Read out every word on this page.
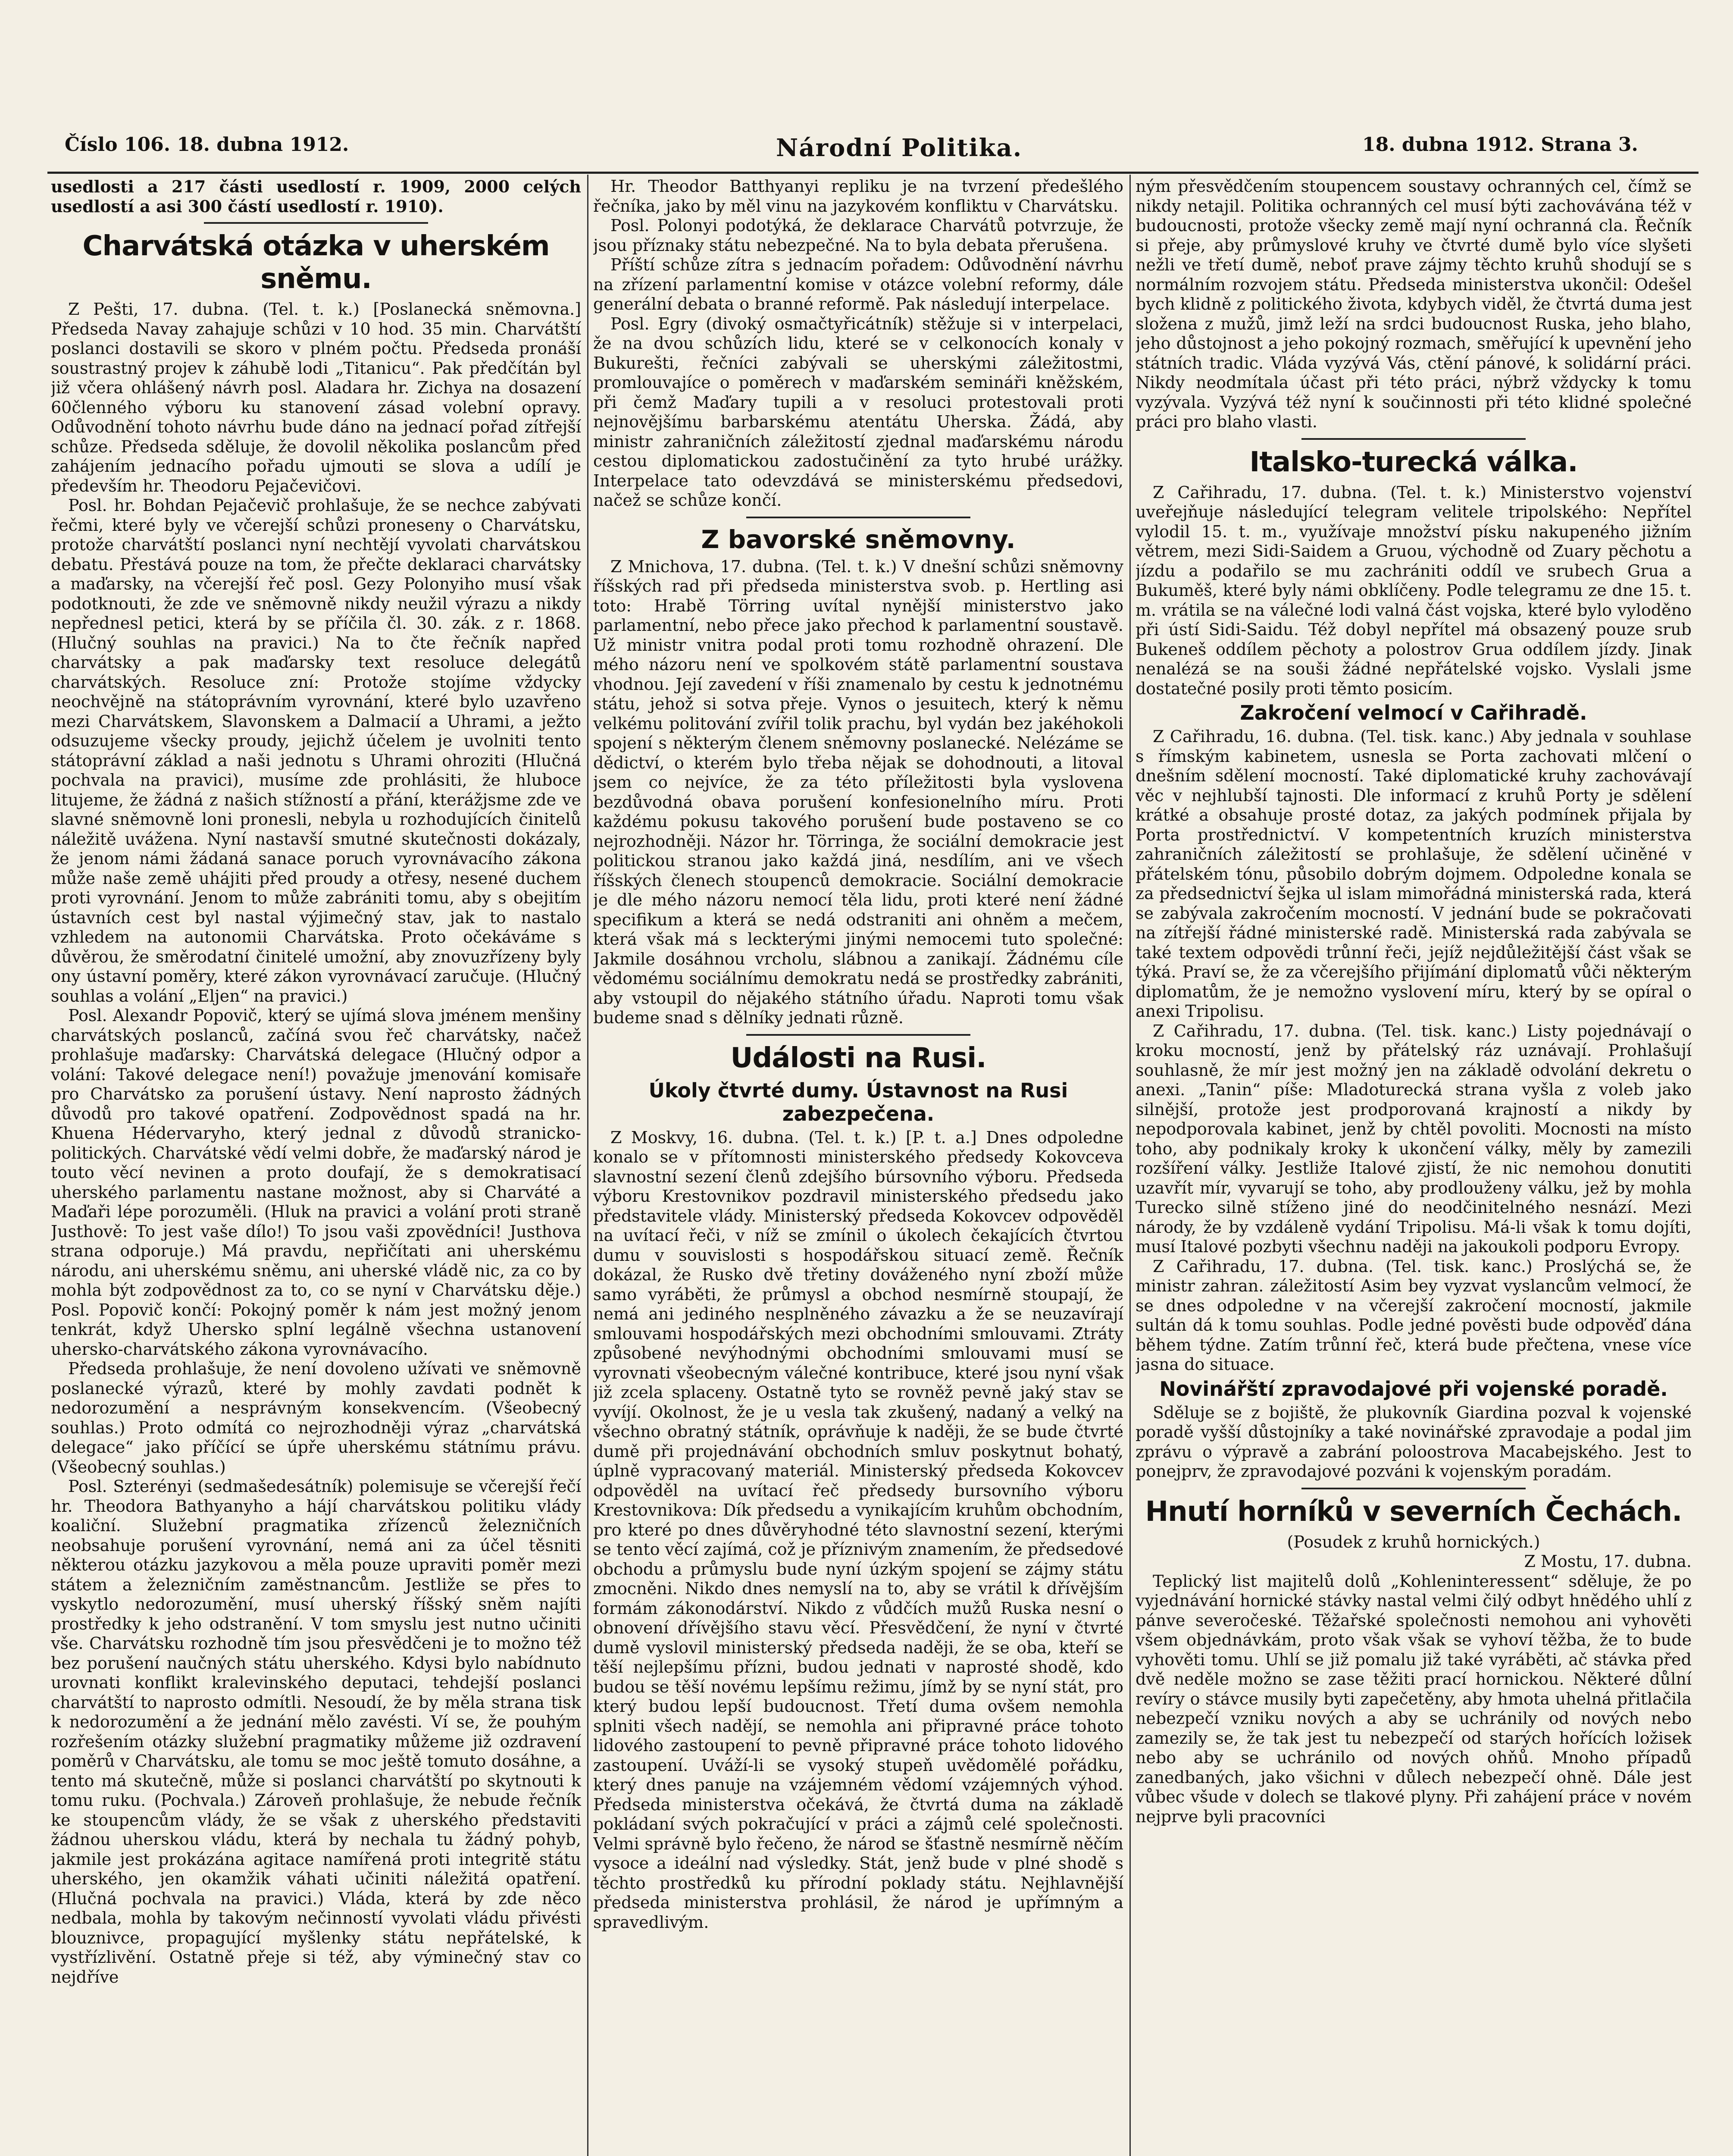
Číslo 106. 18. dubna 1912.	Národní Politika.	18. dubna 1912. Strana 3.

usedlosti a 217 části usedlostí r. 1909, 2000 celých usedlostí a asi 300 částí usedlostí r. 1910).

Charvátská otázka v uherském sněmu.

Z Pešti, 17. dubna. (Tel. t. k.) [Poslanecká sněmovna.] Předseda Navay zahajuje schůzi v 10 hod. 35 min. Charvátští poslanci dostavili se skoro v plném počtu. Předseda pronáší soustrastný projev k záhubě lodi „Titanicu“. Pak předčítán byl již včera ohlášený návrh posl. Aladara hr. Zichya na dosazení 60členného výboru ku stanovení zásad volební opravy. Odůvodnění tohoto návrhu bude dáno na jednací pořad zítřejší schůze. Předseda sděluje, že dovolil několika poslancům před zahájením jednacího pořadu ujmouti se slova a udílí je především hr. Theodoru Pejačevičovi.

Posl. hr. Bohdan Pejačevič prohlašuje, že se nechce zabývati řečmi, které byly ve včerejší schůzi proneseny o Charvátsku, protože charvátští poslanci nyní nechtějí vyvolati charvátskou debatu. Přestává pouze na tom, že přečte deklaraci charvátsky a maďarsky, na včerejší řeč posl. Gezy Polonyiho musí však podotknouti, že zde ve sněmovně nikdy neužil výrazu a nikdy nepřednesl petici, která by se příčila čl. 30. zák. z r. 1868. (Hlučný souhlas na pravici.) Na to čte řečník napřed charvátsky a pak maďarsky text resoluce delegátů charvátských. Resoluce zní: Protože stojíme vždycky neochvějně na státoprávním vyrovnání, které bylo uzavřeno mezi Charvátskem, Slavonskem a Dalmacií a Uhrami, a ježto odsuzujeme všecky proudy, jejichž účelem je uvolniti tento státoprávní základ a naši jednotu s Uhrami ohroziti (Hlučná pochvala na pravici), musíme zde prohlásiti, že hluboce litujeme, že žádná z našich stížností a přání, kterážjsme zde ve slavné sněmovně loni pronesli, nebyla u rozhodujících činitelů náležitě uvážena. Nyní nastavší smutné skutečnosti dokázaly, že jenom námi žádaná sanace poruch vyrovnávacího zákona může naše země uhájiti před proudy a otřesy, nesené duchem proti vyrovnání. Jenom to může zabrániti tomu, aby s obejitím ústavních cest byl nastal výjimečný stav, jak to nastalo vzhledem na autonomii Charvátska. Proto očekáváme s důvěrou, že směrodatní činitelé umožní, aby znovuzřízeny byly ony ústavní poměry, které zákon vyrovnávací zaručuje. (Hlučný souhlas a volání „Eljen“ na pravici.)

Posl. Alexandr Popovič, který se ujímá slova jménem menšiny charvátských poslanců, začíná svou řeč charvátsky, načež prohlašuje maďarsky: Charvátská delegace (Hlučný odpor a volání: Takové delegace není!) považuje jmenování komisaře pro Charvátsko za porušení ústavy. Není naprosto žádných důvodů pro takové opatření. Zodpovědnost spadá na hr. Khuena Hédervaryho, který jednal z důvodů stranicko-politických. Charvátské vědí velmi dobře, že maďarský národ je touto věcí nevinen a proto doufají, že s demokratisací uherského parlamentu nastane možnost, aby si Charváté a Maďaři lépe porozuměli. (Hluk na pravici a volání proti straně Justhově: To jest vaše dílo!) To jsou vaši zpovědníci! Justhova strana odporuje.) Má pravdu, nepřičítati ani uherskému národu, ani uherskému sněmu, ani uherské vládě nic, za co by mohla být zodpovědnost za to, co se nyní v Charvátsku děje.) Posl. Popovič končí: Pokojný poměr k nám jest možný jenom tenkrát, když Uhersko splní legálně všechna ustanovení uhersko-charvátského zákona vyrovnávacího.

Předseda prohlašuje, že není dovoleno užívati ve sněmovně poslanecké výrazů, které by mohly zavdati podnět k nedorozumění a nesprávným konsekvencím. (Všeobecný souhlas.) Proto odmítá co nejrozhodněji výraz „charvátská delegace“ jako příčící se úpře uherskému státnímu právu. (Všeobecný souhlas.)

Posl. Szterényi (sedmašedesátník) polemisuje se včerejší řečí hr. Theodora Bathyanyho a hájí charvátskou politiku vlády koaliční. Služební pragmatika zřízenců železničních neobsahuje porušení vyrovnání, nemá ani za účel těsniti některou otázku jazykovou a měla pouze upraviti poměr mezi státem a železničním zaměstnancům. Jestliže se přes to vyskytlo nedorozumění, musí uherský říšský sněm najíti prostředky k jeho odstranění. V tom smyslu jest nutno učiniti vše. Charvátsku rozhodně tím jsou přesvědčeni je to možno též bez porušení naučných státu uherského. Kdysi bylo nabídnuto urovnati konflikt kralevinského deputaci, tehdejší poslanci charvátští to naprosto odmítli. Nesoudí, že by měla strana tisk k nedorozumění a že jednání mělo zavésti. Ví se, že pouhým rozřešením otázky služební pragmatiky můžeme již ozdravení poměrů v Charvátsku, ale tomu se moc ještě tomuto dosáhne, a tento má skutečně, může si poslanci charvátští po skytnouti k tomu ruku. (Pochvala.) Zároveň prohlašuje, že nebude řečník ke stoupencům vlády, že se však z uherského představiti žádnou uherskou vládu, která by nechala tu žádný pohyb, jakmile jest prokázána agitace namířená proti integritě státu uherského, jen okamžik váhati učiniti náležitá opatření. (Hlučná pochvala na pravici.) Vláda, která by zde něco nedbala, mohla by takovým nečinností vyvolati vládu přivésti blouznivce, propagující myšlenky státu nepřátelské, k vystřízlivění. Ostatně přeje si též, aby výminečný stav co nejdříve

Hr. Theodor Batthyanyi repliku je na tvrzení předešlého řečníka, jako by měl vinu na jazykovém konfliktu v Charvátsku.

Posl. Polonyi podotýká, že deklarace Charvátů potvrzuje, že jsou příznaky státu nebezpečné. Na to byla debata přerušena.

Příští schůze zítra s jednacím pořadem: Odůvodnění návrhu na zřízení parlamentní komise v otázce volební reformy, dále generální debata o branné reformě. Pak následují interpelace.

Posl. Egry (divoký osmačtyřicátník) stěžuje si v interpelaci, že na dvou schůzích lidu, které se v celkonocích konaly v Bukurešti, řečníci zabývali se uherskými záležitostmi, promlouvajíce o poměrech v maďarském semináři kněžském, při čemž Maďary tupili a v resoluci protestovali proti nejnovějšímu barbarskému atentátu Uherska. Žádá, aby ministr zahraničních záležitostí zjednal maďarskému národu cestou diplomatickou zadostučinění za tyto hrubé urážky. Interpelace tato odevzdává se ministerskému předsedovi, načež se schůze končí.

Z bavorské sněmovny.

Z Mnichova, 17. dubna. (Tel. t. k.) V dnešní schůzi sněmovny říšských rad při předseda ministerstva svob. p. Hertling asi toto: Hrabě Törring uvítal nynější ministerstvo jako parlamentní, nebo přece jako přechod k parlamentní soustavě. Už ministr vnitra podal proti tomu rozhodně ohrazení. Dle mého názoru není ve spolkovém státě parlamentní soustava vhodnou. Její zavedení v říši znamenalo by cestu k jednotnému státu, jehož si sotva přeje. Vynos o jesuitech, který k němu velkému politování zvířil tolik prachu, byl vydán bez jakéhokoli spojení s některým členem sněmovny poslanecké. Nelézáme se dědictví, o kterém bylo třeba nějak se dohodnouti, a litoval jsem co nejvíce, že za této příležitosti byla vyslovena bezdůvodná obava porušení konfesionelního míru. Proti každému pokusu takového porušení bude postaveno se co nejrozhodněji. Názor hr. Törringa, že sociální demokracie jest politickou stranou jako každá jiná, nesdílím, ani ve všech říšských členech stoupenců demokracie. Sociální demokracie je dle mého názoru nemocí těla lidu, proti které není žádné specifikum a která se nedá odstraniti ani ohněm a mečem, která však má s leckterými jinými nemocemi tuto společné: Jakmile dosáhnou vrcholu, slábnou a zanikají. Žádnému cíle vědomému sociálnímu demokratu nedá se prostředky zabrániti, aby vstoupil do nějakého státního úřadu. Naproti tomu však budeme snad s dělníky jednati různě.

Události na Rusi.
Úkoly čtvrté dumy. Ústavnost na Rusi zabezpečena.

Z Moskvy, 16. dubna. (Tel. t. k.) [P. t. a.] Dnes odpoledne konalo se v přítomnosti ministerského předsedy Kokovceva slavnostní sezení členů zdejšího búrsovního výboru. Předseda výboru Krestovnikov pozdravil ministerského předsedu jako představitele vlády. Ministerský předseda Kokovcev odpověděl na uvítací řeči, v níž se zmínil o úkolech čekajících čtvrtou dumu v souvislosti s hospodářskou situací země. Řečník dokázal, že Rusko dvě třetiny dováženého nyní zboží může samo vyráběti, že průmysl a obchod nesmírně stoupají, že nemá ani jediného nesplněného závazku a že se neuzavírají smlouvami hospodářských mezi obchodními smlouvami. Ztráty způsobené nevýhodnými obchodními smlouvami musí se vyrovnati všeobecným válečné kontribuce, které jsou nyní však již zcela splaceny. Ostatně tyto se rovněž pevně jaký stav se vyvíjí. Okolnost, že je u vesla tak zkušený, nadaný a velký na všechno obratný státník, oprávňuje k naději, že se bude čtvrté dumě při projednávání obchodních smluv poskytnut bohatý, úplně vypracovaný materiál. Ministerský předseda Kokovcev odpověděl na uvítací řeč předsedy bursovního výboru Krestovnikova: Dík předsedu a vynikajícím kruhům obchodním, pro které po dnes důvěryhodné této slavnostní sezení, kterými se tento věcí zajímá, což je příznivým znamením, že předsedové obchodu a průmyslu bude nyní úzkým spojení se zájmy státu zmocněni. Nikdo dnes nemyslí na to, aby se vrátil k dřívějším formám zákonodárství. Nikdo z vůdčích mužů Ruska nesní o obnovení dřívějšího stavu věcí. Přesvědčení, že nyní v čtvrté dumě vyslovil ministerský předseda naději, že se oba, kteří se těší nejlepšímu přízni, budou jednati v naprosté shodě, kdo budou se těší novému lepšímu režimu, jímž by se nyní stát, pro který budou lepší budoucnost. Třetí duma ovšem nemohla splniti všech nadějí, se nemohla ani připravné práce tohoto lidového zastoupení to pevně připravné práce tohoto lidového zastoupení. Uváží-li se vysoký stupeň uvědomělé pořádku, který dnes panuje na vzájemném vědomí vzájemných výhod. Předseda ministerstva očekává, že čtvrtá duma na základě pokládaní svých pokračující v práci a zájmů celé společnosti. Velmi správně bylo řečeno, že národ se šťastně nesmírně něčím vysoce a ideální nad výsledky. Stát, jenž bude v plné shodě s těchto prostředků ku přírodní poklady státu. Nejhlavnější předseda ministerstva prohlásil, že národ je upřímným a spravedlivým.

ným přesvědčením stoupencem soustavy ochranných cel, čímž se nikdy netajil. Politika ochranných cel musí býti zachovávána též v budoucnosti, protože všecky země mají nyní ochranná cla. Řečník si přeje, aby průmyslové kruhy ve čtvrté dumě bylo více slyšeti nežli ve třetí dumě, neboť prave zájmy těchto kruhů shodují se s normálním rozvojem státu. Předseda ministerstva ukončil: Odešel bych klidně z politického života, kdybych viděl, že čtvrtá duma jest složena z mužů, jimž leží na srdci budoucnost Ruska, jeho blaho, jeho důstojnost a jeho pokojný rozmach, směřující k upevnění jeho státních tradic. Vláda vyzývá Vás, ctění pánové, k solidární práci. Nikdy neodmítala účast při této práci, nýbrž vždycky k tomu vyzývala. Vyzývá též nyní k součinnosti při této klidné společné práci pro blaho vlasti.

Italsko-turecká válka.

Z Cařihradu, 17. dubna. (Tel. t. k.) Ministerstvo vojenství uveřejňuje následující telegram velitele tripolského: Nepřítel vylodil 15. t. m., využívaje množství písku nakupeného jižním větrem, mezi Sidi-Saidem a Gruou, východně od Zuary pěchotu a jízdu a podařilo se mu zachrániti oddíl ve srubech Grua a Bukuměš, které byly námi obklíčeny. Podle telegramu ze dne 15. t. m. vrátila se na válečné lodi valná část vojska, které bylo vyloděno při ústí Sidi-Saidu. Též dobyl nepřítel má obsazený pouze srub Bukeneš oddílem pěchoty a polostrov Grua oddílem jízdy. Jinak nenalézá se na souši žádné nepřátelské vojsko. Vyslali jsme dostatečné posily proti těmto posicím.

Zakročení velmocí v Cařihradě.

Z Cařihradu, 16. dubna. (Tel. tisk. kanc.) Aby jednala v souhlase s římským kabinetem, usnesla se Porta zachovati mlčení o dnešním sdělení mocností. Také diplomatické kruhy zachovávají věc v nejhlubší tajnosti. Dle informací z kruhů Porty je sdělení krátké a obsahuje prosté dotaz, za jakých podmínek přijala by Porta prostřednictví. V kompetentních kruzích ministerstva zahraničních záležitostí se prohlašuje, že sdělení učiněné v přátelském tónu, působilo dobrým dojmem. Odpoledne konala se za předsednictví šejka ul islam mimořádná ministerská rada, která se zabývala zakročením mocností. V jednání bude se pokračovati na zítřejší řádné ministerské radě. Ministerská rada zabývala se také textem odpovědi trůnní řeči, jejíž nejdůležitější část však se týká. Praví se, že za včerejšího přijímání diplomatů vůči některým diplomatům, že je nemožno vyslovení míru, který by se opíral o anexi Tripolisu.

Z Cařihradu, 17. dubna. (Tel. tisk. kanc.) Listy pojednávají o kroku mocností, jenž by přátelský ráz uznávají. Prohlašují souhlasně, že mír jest možný jen na základě odvolání dekretu o anexi. „Tanin“ píše: Mladoturecká strana vyšla z voleb jako silnější, protože jest prodporovaná krajností a nikdy by nepodporovala kabinet, jenž by chtěl povoliti. Mocnosti na místo toho, aby podnikaly kroky k ukončení války, měly by zamezili rozšíření války. Jestliže Italové zjistí, že nic nemohou donutiti uzavřít mír, vyvarují se toho, aby prodlouženy válku, jež by mohla Turecko silně stíženo jiné do neodčinitelného nesnází. Mezi národy, že by vzdáleně vydání Tripolisu. Má-li však k tomu dojíti, musí Italové pozbyti všechnu naději na jakoukoli podporu Evropy.

Z Cařihradu, 17. dubna. (Tel. tisk. kanc.) Proslýchá se, že ministr zahran. záležitostí Asim bey vyzvat vyslancům velmocí, že se dnes odpoledne v na včerejší zakročení mocností, jakmile sultán dá k tomu souhlas. Podle jedné pověsti bude odpověď dána během týdne. Zatím trůnní řeč, která bude přečtena, vnese více jasna do situace.

Novinářští zpravodajové při vojenské poradě.

Sděluje se z bojiště, že plukovník Giardina pozval k vojenské poradě vyšší důstojníky a také novinářské zpravodaje a podal jim zprávu o výpravě a zabrání poloostrova Macabejského. Jest to ponejprv, že zpravodajové pozváni k vojenským poradám.

Hnutí horníků v severních Čechách.

(Posudek z kruhů hornických.)

Z Mostu, 17. dubna.

Teplický list majitelů dolů „Kohleninteressent“ sděluje, že po vyjednávání hornické stávky nastal velmi čilý odbyt hnědého uhlí z pánve severočeské. Těžařské společnosti nemohou ani vyhověti všem objednávkám, proto však však se vyhoví těžba, že to bude vyhověti tomu. Uhlí se již pomalu již také vyráběti, ač stávka před dvě neděle možno se zase těžiti prací hornickou. Některé důlní revíry o stávce musily byti zapečetěny, aby hmota uhelná přitlačila nebezpečí vzniku nových a aby se uchránily od nových nebo zamezily se, že tak jest tu nebezpečí od starých hořících ložisek nebo aby se uchránilo od nových ohňů. Mnoho případů zanedbaných, jako všichni v důlech nebezpečí ohně. Dále jest vůbec všude v dolech se tlakové plyny. Při zahájení práce v novém nejprve byli pracovníci
